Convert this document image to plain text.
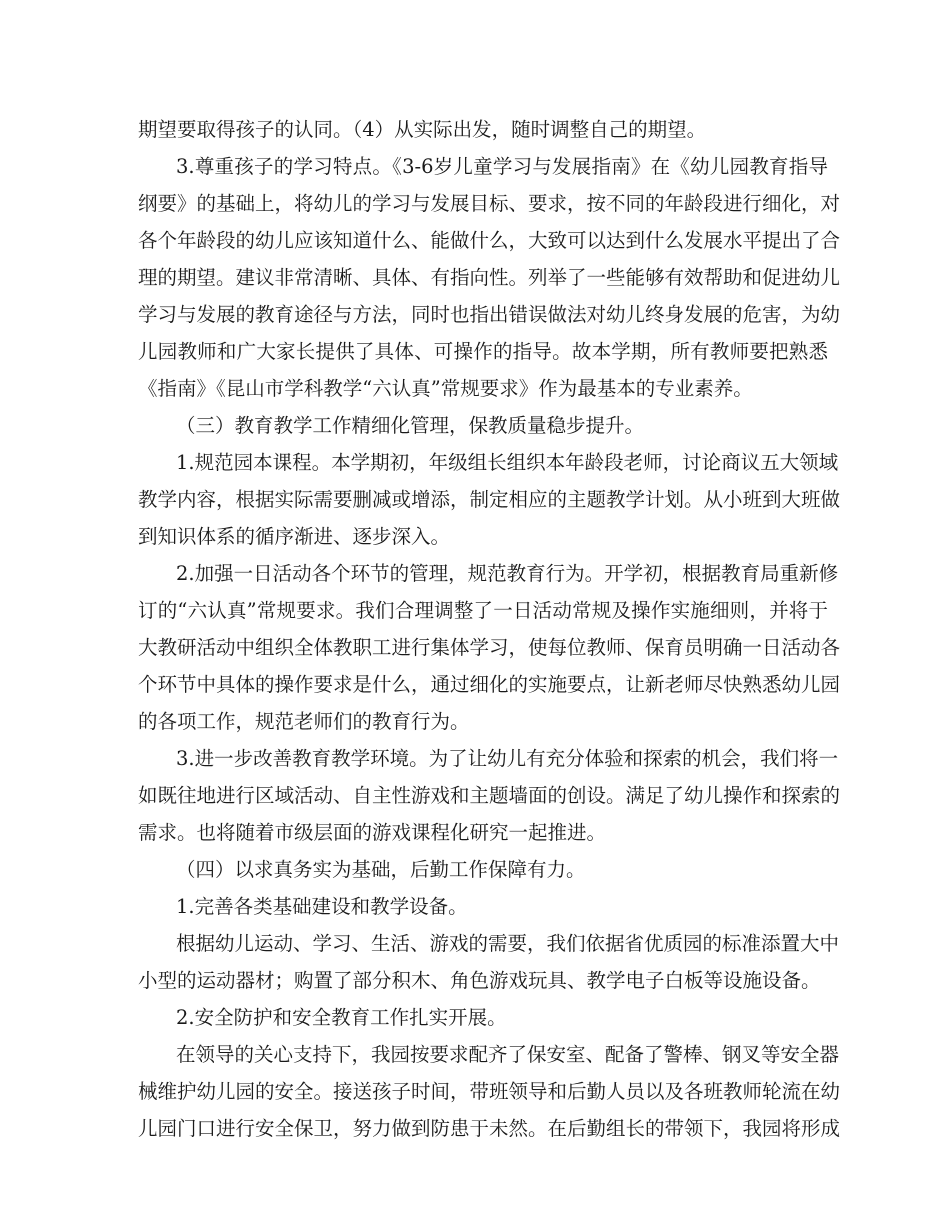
期望要取得孩子的认同。（4）从实际出发，随时调整自己的期望。
3.尊重孩子的学习特点。《3-6岁儿童学习与发展指南》在《幼儿园教育指导
纲要》的基础上，将幼儿的学习与发展目标、要求，按不同的年龄段进行细化，对
各个年龄段的幼儿应该知道什么、能做什么，大致可以达到什么发展水平提出了合
理的期望。建议非常清晰、具体、有指向性。列举了一些能够有效帮助和促进幼儿
学习与发展的教育途径与方法，同时也指出错误做法对幼儿终身发展的危害，为幼
儿园教师和广大家长提供了具体、可操作的指导。故本学期，所有教师要把熟悉
《指南》《昆山市学科教学“六认真”常规要求》作为最基本的专业素养。
（三）教育教学工作精细化管理，保教质量稳步提升。
1.规范园本课程。本学期初，年级组长组织本年龄段老师，讨论商议五大领域
教学内容，根据实际需要删减或增添，制定相应的主题教学计划。从小班到大班做
到知识体系的循序渐进、逐步深入。
2.加强一日活动各个环节的管理，规范教育行为。开学初，根据教育局重新修
订的“六认真”常规要求。我们合理调整了一日活动常规及操作实施细则，并将于
大教研活动中组织全体教职工进行集体学习，使每位教师、保育员明确一日活动各
个环节中具体的操作要求是什么，通过细化的实施要点，让新老师尽快熟悉幼儿园
的各项工作，规范老师们的教育行为。
3.进一步改善教育教学环境。为了让幼儿有充分体验和探索的机会，我们将一
如既往地进行区域活动、自主性游戏和主题墙面的创设。满足了幼儿操作和探索的
需求。也将随着市级层面的游戏课程化研究一起推进。
（四）以求真务实为基础，后勤工作保障有力。
1.完善各类基础建设和教学设备。
根据幼儿运动、学习、生活、游戏的需要，我们依据省优质园的标准添置大中
小型的运动器材；购置了部分积木、角色游戏玩具、教学电子白板等设施设备。
2.安全防护和安全教育工作扎实开展。
在领导的关心支持下，我园按要求配齐了保安室、配备了警棒、钢叉等安全器
械维护幼儿园的安全。接送孩子时间，带班领导和后勤人员以及各班教师轮流在幼
儿园门口进行安全保卫，努力做到防患于未然。在后勤组长的带领下，我园将形成
